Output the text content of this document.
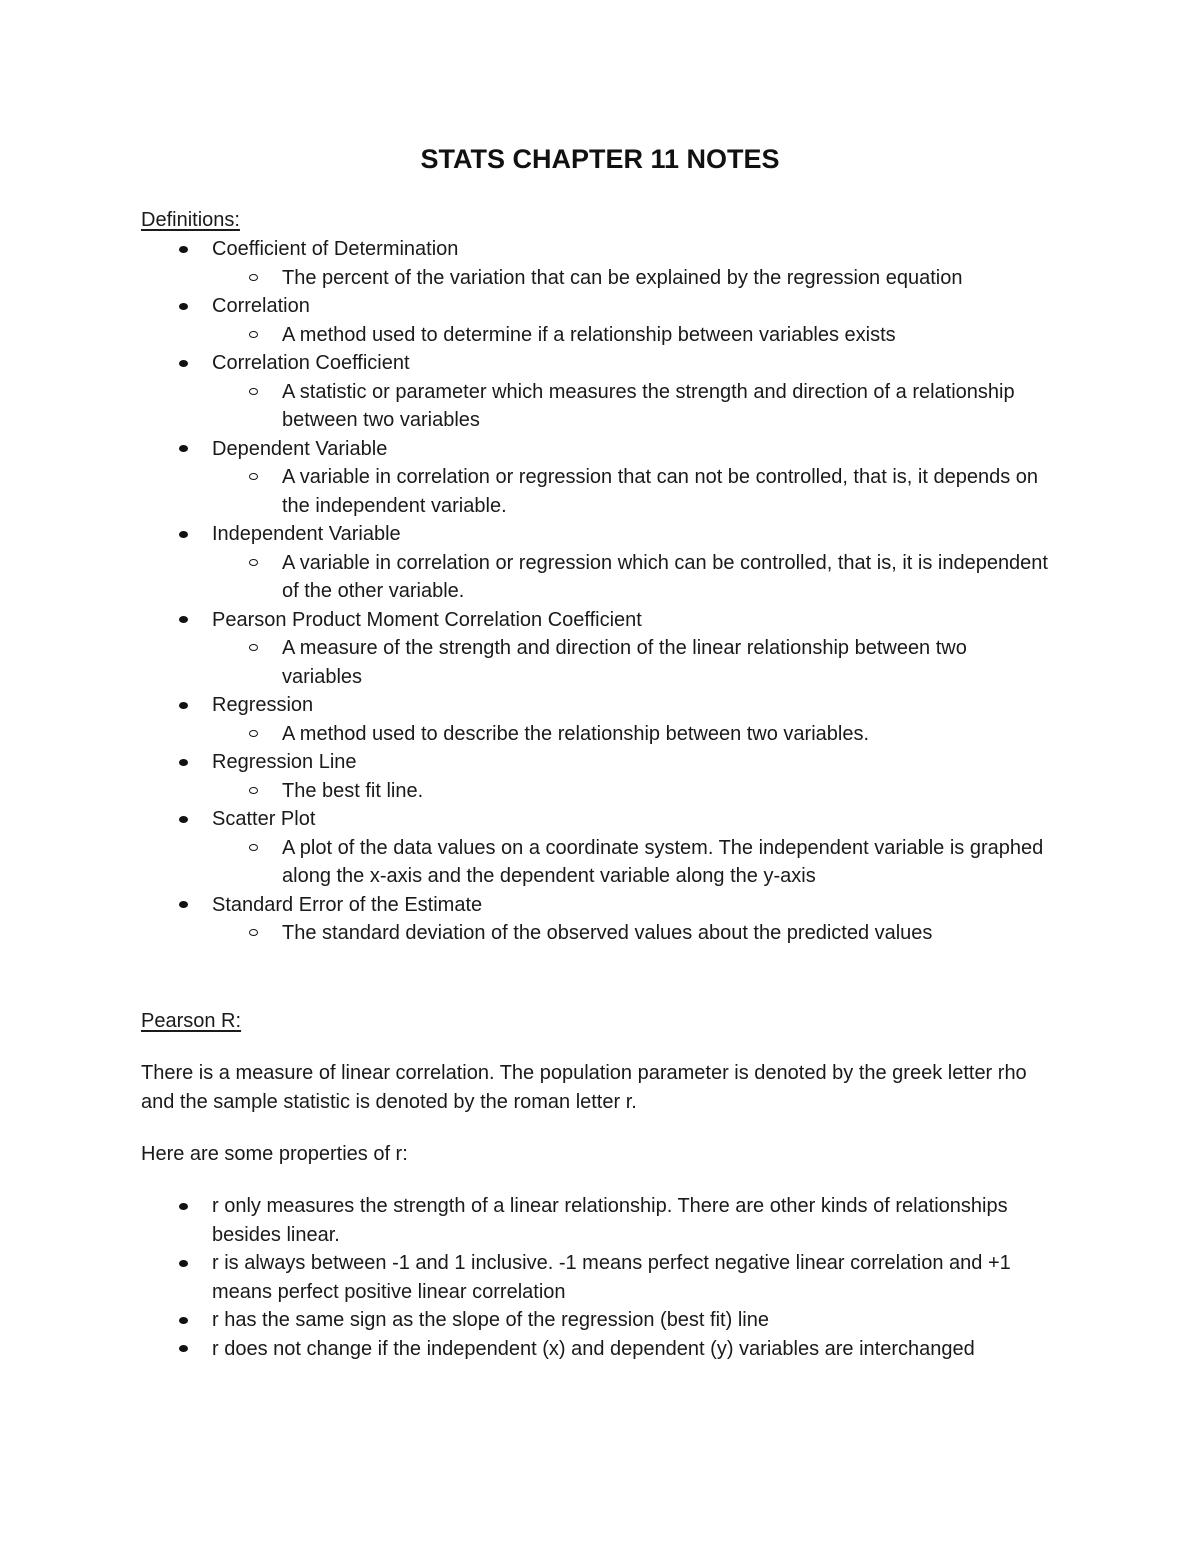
STATS CHAPTER 11 NOTES
Definitions:
Coefficient of Determination
The percent of the variation that can be explained by the regression equation
Correlation
A method used to determine if a relationship between variables exists
Correlation Coefficient
A statistic or parameter which measures the strength and direction of a relationship between two variables
Dependent Variable
A variable in correlation or regression that can not be controlled, that is, it depends on the independent variable.
Independent Variable
A variable in correlation or regression which can be controlled, that is, it is independent of the other variable.
Pearson Product Moment Correlation Coefficient
A measure of the strength and direction of the linear relationship between two variables
Regression
A method used to describe the relationship between two variables.
Regression Line
The best fit line.
Scatter Plot
A plot of the data values on a coordinate system. The independent variable is graphed along the x-axis and the dependent variable along the y-axis
Standard Error of the Estimate
The standard deviation of the observed values about the predicted values
Pearson R:

There is a measure of linear correlation. The population parameter is denoted by the greek letter rho and the sample statistic is denoted by the roman letter r.

Here are some properties of r:

r only measures the strength of a linear relationship. There are other kinds of relationships besides linear.
r is always between -1 and 1 inclusive. -1 means perfect negative linear correlation and +1 means perfect positive linear correlation
r has the same sign as the slope of the regression (best fit) line
r does not change if the independent (x) and dependent (y) variables are interchanged
